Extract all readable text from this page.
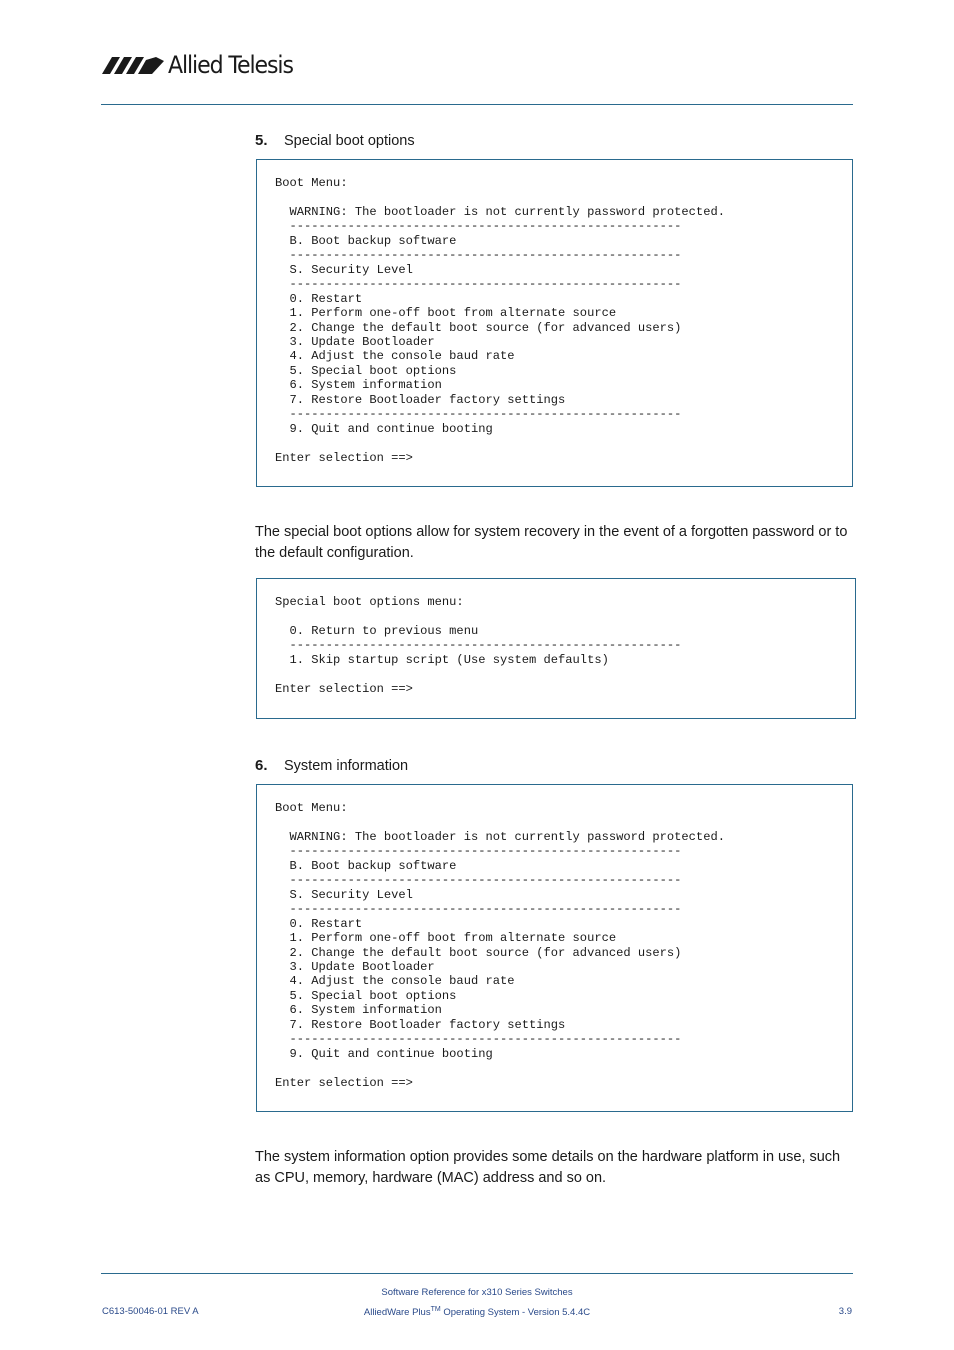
Allied Telesis
5.	Special boot options
Boot Menu:

WARNING: The bootloader is not currently password protected.
------------------------------------------------------
B. Boot backup software
------------------------------------------------------
S. Security Level
------------------------------------------------------
0. Restart
1. Perform one-off boot from alternate source
2. Change the default boot source (for advanced users)
3. Update Bootloader
4. Adjust the console baud rate
5. Special boot options
6. System information
7. Restore Bootloader factory settings
------------------------------------------------------
9. Quit and continue booting

Enter selection ==>
The special boot options allow for system recovery in the event of a forgotten password or to the default configuration.
Special boot options menu:

0. Return to previous menu
------------------------------------------------------
1. Skip startup script (Use system defaults)

Enter selection ==>
6.	System information
Boot Menu:

WARNING: The bootloader is not currently password protected.
------------------------------------------------------
B. Boot backup software
------------------------------------------------------
S. Security Level
------------------------------------------------------
0. Restart
1. Perform one-off boot from alternate source
2. Change the default boot source (for advanced users)
3. Update Bootloader
4. Adjust the console baud rate
5. Special boot options
6. System information
7. Restore Bootloader factory settings
------------------------------------------------------
9. Quit and continue booting

Enter selection ==>
The system information option provides some details on the hardware platform in use, such as CPU, memory, hardware (MAC) address and so on.
Software Reference for x310 Series Switches
C613-50046-01 REV A	AlliedWare Plus™ Operating System - Version 5.4.4C	3.9
